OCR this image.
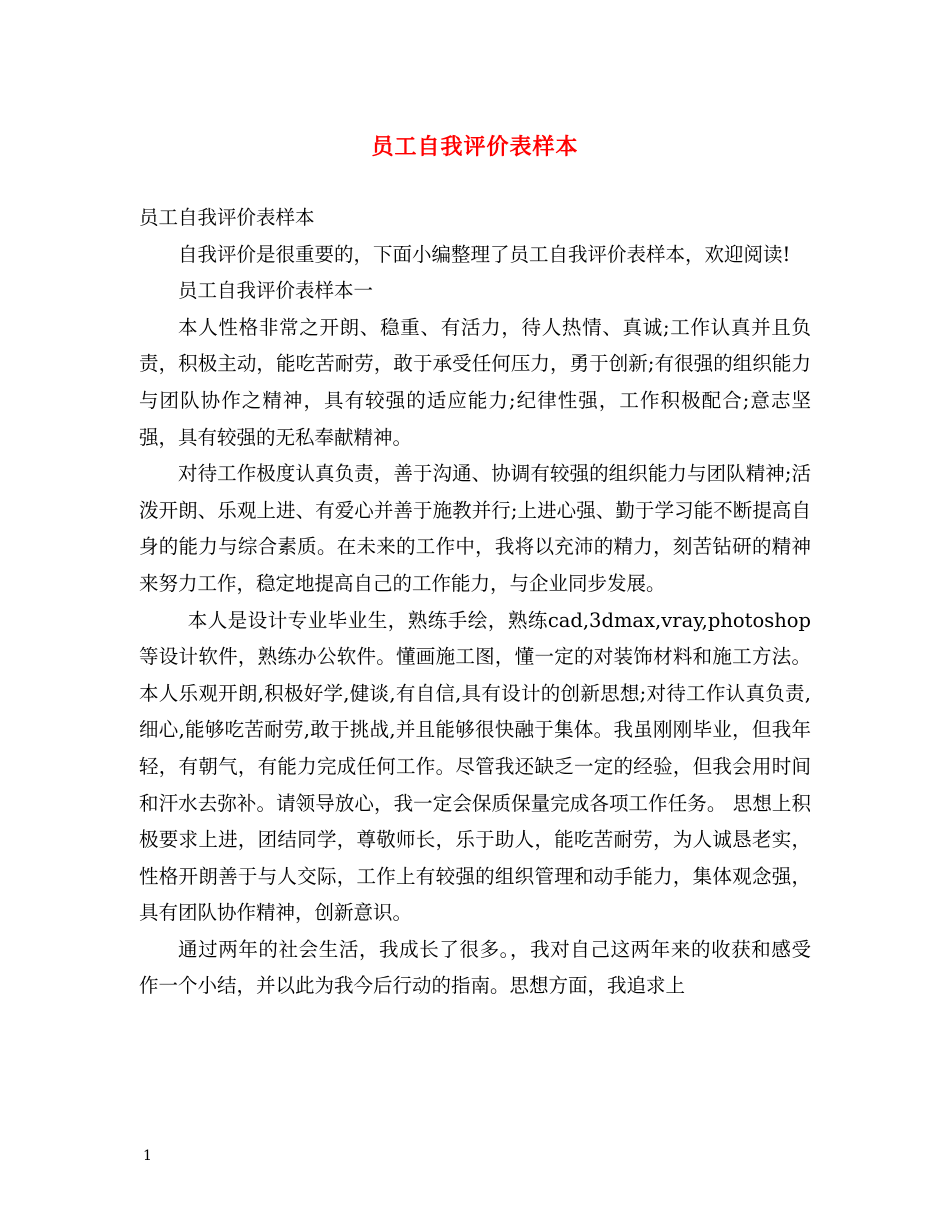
员工自我评价表样本

员工自我评价表样本

自我评价是很重要的，下面小编整理了员工自我评价表样本，欢迎阅读!

员工自我评价表样本一

本人性格非常之开朗、稳重、有活力，待人热情、真诚;工作认真并且负责，积极主动，能吃苦耐劳，敢于承受任何压力，勇于创新;有很强的组织能力与团队协作之精神，具有较强的适应能力;纪律性强，工作积极配合;意志坚强，具有较强的无私奉献精神。

对待工作极度认真负责，善于沟通、协调有较强的组织能力与团队精神;活泼开朗、乐观上进、有爱心并善于施教并行;上进心强、勤于学习能不断提高自身的能力与综合素质。在未来的工作中，我将以充沛的精力，刻苦钻研的精神来努力工作，稳定地提高自己的工作能力，与企业同步发展。

本人是设计专业毕业生，熟练手绘，熟练cad,3dmax,vray,photoshop等设计软件，熟练办公软件。懂画施工图，懂一定的对装饰材料和施工方法。本人乐观开朗,积极好学,健谈,有自信,具有设计的创新思想;对待工作认真负责,细心,能够吃苦耐劳,敢于挑战,并且能够很快融于集体。我虽刚刚毕业，但我年轻，有朝气，有能力完成任何工作。尽管我还缺乏一定的经验，但我会用时间和汗水去弥补。请领导放心，我一定会保质保量完成各项工作任务。 思想上积极要求上进，团结同学，尊敬师长，乐于助人，能吃苦耐劳，为人诚恳老实，性格开朗善于与人交际，工作上有较强的组织管理和动手能力，集体观念强，具有团队协作精神，创新意识。

通过两年的社会生活，我成长了很多。，我对自己这两年来的收获和感受作一个小结，并以此为我今后行动的指南。思想方面，我追求上

1
